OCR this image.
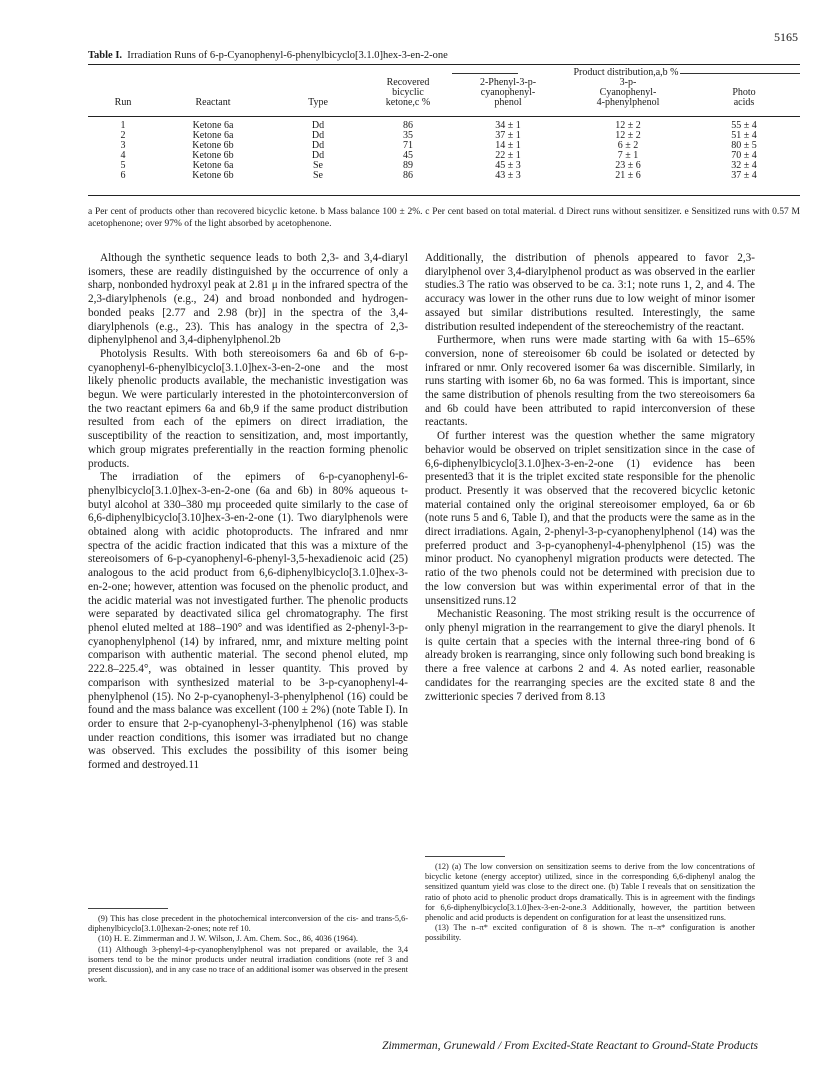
5165
Table I. Irradiation Runs of 6-p-Cyanophenyl-6-phenylbicyclo[3.1.0]hex-3-en-2-one
Product distribution,a,b %
			Recovered	2-Phenyl-3-p-	3-p-	
			bicyclic	cyanophenyl-	Cyanophenyl-	Photo
Run	Reactant	Type	ketone,c %	phenol	4-phenylphenol	acids
1	Ketone 6a	Dd	86	34 ± 1	12 ± 2	55 ± 4
2	Ketone 6a	Dd	35	37 ± 1	12 ± 2	51 ± 4
3	Ketone 6b	Dd	71	14 ± 1	6 ± 2	80 ± 5
4	Ketone 6b	Dd	45	22 ± 1	7 ± 1	70 ± 4
5	Ketone 6a	Se	89	45 ± 3	23 ± 6	32 ± 4
6	Ketone 6b	Se	86	43 ± 3	21 ± 6	37 ± 4
a Per cent of products other than recovered bicyclic ketone. b Mass balance 100 ± 2%. c Per cent based on total material. d Direct runs without sensitizer. e Sensitized runs with 0.57 M acetophenone; over 97% of the light absorbed by acetophenone.

Although the synthetic sequence leads to both 2,3- and 3,4-diaryl isomers, these are readily distinguished by the occurrence of only a sharp, nonbonded hydroxyl peak at 2.81 μ in the infrared spectra of the 2,3-diarylphenols (e.g., 24) and broad nonbonded and hydrogen-bonded peaks [2.77 and 2.98 (br)] in the spectra of the 3,4-diarylphenols (e.g., 23). This has analogy in the spectra of 2,3-diphenylphenol and 3,4-diphenylphenol.2b

Photolysis Results. With both stereoisomers 6a and 6b of 6-p-cyanophenyl-6-phenylbicyclo[3.1.0]hex-3-en-2-one and the most likely phenolic products available, the mechanistic investigation was begun. We were particularly interested in the photointerconversion of the two reactant epimers 6a and 6b,9 if the same product distribution resulted from each of the epimers on direct irradiation, the susceptibility of the reaction to sensitization, and, most importantly, which group migrates preferentially in the reaction forming phenolic products.

The irradiation of the epimers of 6-p-cyanophenyl-6-phenylbicyclo[3.1.0]hex-3-en-2-one (6a and 6b) in 80% aqueous t-butyl alcohol at 330–380 mμ proceeded quite similarly to the case of 6,6-diphenylbicyclo[3.10]hex-3-en-2-one (1). Two diarylphenols were obtained along with acidic photoproducts. The infrared and nmr spectra of the acidic fraction indicated that this was a mixture of the stereoisomers of 6-p-cyanophenyl-6-phenyl-3,5-hexadienoic acid (25) analogous to the acid product from 6,6-diphenylbicyclo[3.1.0]hex-3-en-2-one; however, attention was focused on the phenolic product, and the acidic material was not investigated further. The phenolic products were separated by deactivated silica gel chromatography. The first phenol eluted melted at 188–190° and was identified as 2-phenyl-3-p-cyanophenylphenol (14) by infrared, nmr, and mixture melting point comparison with authentic material. The second phenol eluted, mp 222.8–225.4°, was obtained in lesser quantity. This proved by comparison with synthesized material to be 3-p-cyanophenyl-4-phenylphenol (15). No 2-p-cyanophenyl-3-phenylphenol (16) could be found and the mass balance was excellent (100 ± 2%) (note Table I). In order to ensure that 2-p-cyanophenyl-3-phenylphenol (16) was stable under reaction conditions, this isomer was irradiated but no change was observed. This excludes the possibility of this isomer being formed and destroyed.11

(9) This has close precedent in the photochemical interconversion of the cis- and trans-5,6-diphenylbicyclo[3.1.0]hexan-2-ones; note ref 10.

(10) H. E. Zimmerman and J. W. Wilson, J. Am. Chem. Soc., 86, 4036 (1964).

(11) Although 3-phenyl-4-p-cyanophenylphenol was not prepared or available, the 3,4 isomers tend to be the minor products under neutral irradiation conditions (note ref 3 and present discussion), and in any case no trace of an additional isomer was observed in the present work.

Additionally, the distribution of phenols appeared to favor 2,3-diarylphenol over 3,4-diarylphenol product as was observed in the earlier studies.3 The ratio was observed to be ca. 3:1; note runs 1, 2, and 4. The accuracy was lower in the other runs due to low weight of minor isomer assayed but similar distributions resulted. Interestingly, the same distribution resulted independent of the stereochemistry of the reactant.

Furthermore, when runs were made starting with 6a with 15–65% conversion, none of stereoisomer 6b could be isolated or detected by infrared or nmr. Only recovered isomer 6a was discernible. Similarly, in runs starting with isomer 6b, no 6a was formed. This is important, since the same distribution of phenols resulting from the two stereoisomers 6a and 6b could have been attributed to rapid interconversion of these reactants.

Of further interest was the question whether the same migratory behavior would be observed on triplet sensitization since in the case of 6,6-diphenylbicyclo[3.1.0]hex-3-en-2-one (1) evidence has been presented3 that it is the triplet excited state responsible for the phenolic product. Presently it was observed that the recovered bicyclic ketonic material contained only the original stereoisomer employed, 6a or 6b (note runs 5 and 6, Table I), and that the products were the same as in the direct irradiations. Again, 2-phenyl-3-p-cyanophenylphenol (14) was the preferred product and 3-p-cyanophenyl-4-phenylphenol (15) was the minor product. No cyanophenyl migration products were detected. The ratio of the two phenols could not be determined with precision due to the low conversion but was within experimental error of that in the unsensitized runs.12

Mechanistic Reasoning. The most striking result is the occurrence of only phenyl migration in the rearrangement to give the diaryl phenols. It is quite certain that a species with the internal three-ring bond of 6 already broken is rearranging, since only following such bond breaking is there a free valence at carbons 2 and 4. As noted earlier, reasonable candidates for the rearranging species are the excited state 8 and the zwitterionic species 7 derived from 8.13

(12) (a) The low conversion on sensitization seems to derive from the low concentrations of bicyclic ketone (energy acceptor) utilized, since in the corresponding 6,6-diphenyl analog the sensitized quantum yield was close to the direct one. (b) Table I reveals that on sensitization the ratio of photo acid to phenolic product drops dramatically. This is in agreement with the findings for 6,6-diphenylbicyclo[3.1.0]hex-3-en-2-one.3 Additionally, however, the partition between phenolic and acid products is dependent on configuration for at least the unsensitized runs.

(13) The n–π* excited configuration of 8 is shown. The π–π* configuration is another possibility.

Zimmerman, Grunewald / From Excited-State Reactant to Ground-State Products
